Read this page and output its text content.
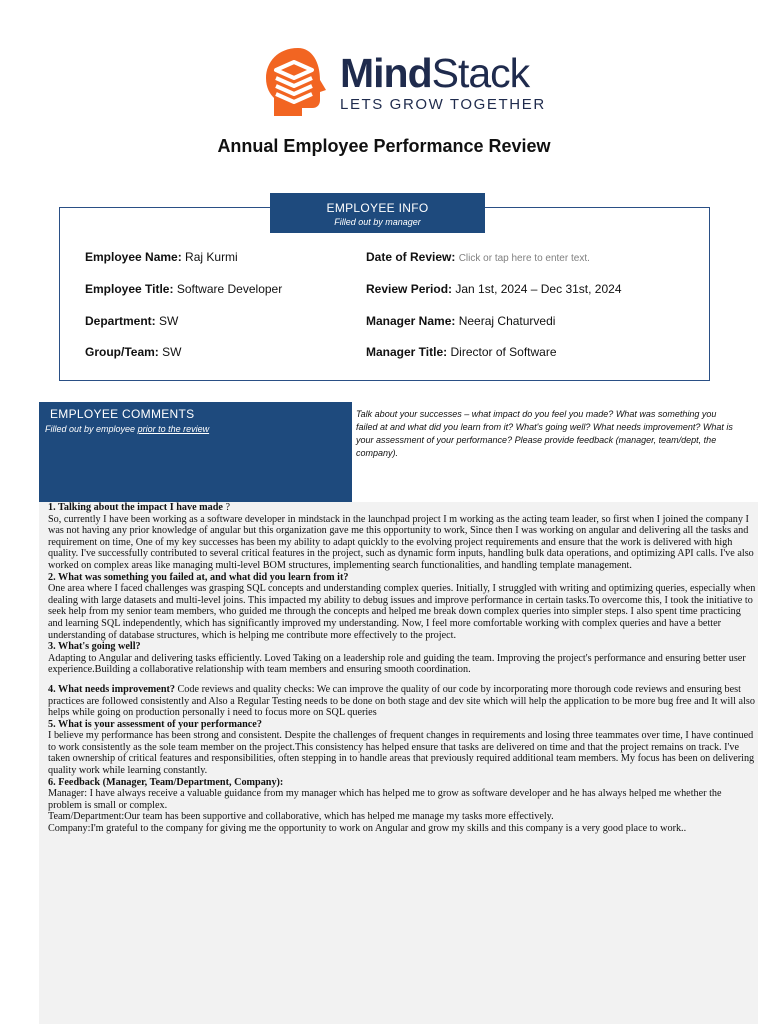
MindStack
LETS GROW TOGETHER
Annual Employee Performance Review
EMPLOYEE INFO
Filled out by manager
Employee Name: Raj Kurmi
Employee Title: Software Developer
Department: SW
Group/Team: SW
Date of Review: Click or tap here to enter text.
Review Period: Jan 1st, 2024 – Dec 31st, 2024
Manager Name: Neeraj Chaturvedi
Manager Title: Director of Software
EMPLOYEE COMMENTS
Filled out by employee prior to the review
Talk about your successes – what impact do you feel you made? What was something you failed at and what did you learn from it? What's going well? What needs improvement? What is your assessment of your performance? Please provide feedback (manager, team/dept, the company).

1. Talking about the impact I have made ?

So, currently I have been working as a software developer in mindstack in the launchpad project I m working as the acting team leader, so first when I joined the company I was not having any prior knowledge of angular but this organization gave me this opportunity to work, Since then I was working on angular and delivering all the tasks and requirement on time, One of my key successes has been my ability to adapt quickly to the evolving project requirements and ensure that the work is delivered with high quality. I've successfully contributed to several critical features in the project, such as dynamic form inputs, handling bulk data operations, and optimizing API calls. I've also worked on complex areas like managing multi-level BOM structures, implementing search functionalities, and handling template management.

2. What was something you failed at, and what did you learn from it?

One area where I faced challenges was grasping SQL concepts and understanding complex queries. Initially, I struggled with writing and optimizing queries, especially when dealing with large datasets and multi-level joins. This impacted my ability to debug issues and improve performance in certain tasks.To overcome this, I took the initiative to seek help from my senior team members, who guided me through the concepts and helped me break down complex queries into simpler steps. I also spent time practicing and learning SQL independently, which has significantly improved my understanding. Now, I feel more comfortable working with complex queries and have a better understanding of database structures, which is helping me contribute more effectively to the project.

3. What's going well?

Adapting to Angular and delivering tasks efficiently. Loved Taking on a leadership role and guiding the team. Improving the project's performance and ensuring better user experience.Building a collaborative relationship with team members and ensuring smooth coordination.

4. What needs improvement? Code reviews and quality checks: We can improve the quality of our code by incorporating more thorough code reviews and ensuring best practices are followed consistently and Also a Regular Testing needs to be done on both stage and dev site which will help the application to be more bug free and It will also helps while going on production personally i need to focus more on SQL queries

5. What is your assessment of your performance?

I believe my performance has been strong and consistent. Despite the challenges of frequent changes in requirements and losing three teammates over time, I have continued to work consistently as the sole team member on the project.This consistency has helped ensure that tasks are delivered on time and that the project remains on track. I've taken ownership of critical features and responsibilities, often stepping in to handle areas that previously required additional team members. My focus has been on delivering quality work while learning constantly.

6. Feedback (Manager, Team/Department, Company):

Manager: I have always receive a valuable guidance from my manager which has helped me to grow as software developer and he has always helped me whether the problem is small or complex.

Team/Department:Our team has been supportive and collaborative, which has helped me manage my tasks more effectively.

Company:I'm grateful to the company for giving me the opportunity to work on Angular and grow my skills and this company is a very good place to work..
